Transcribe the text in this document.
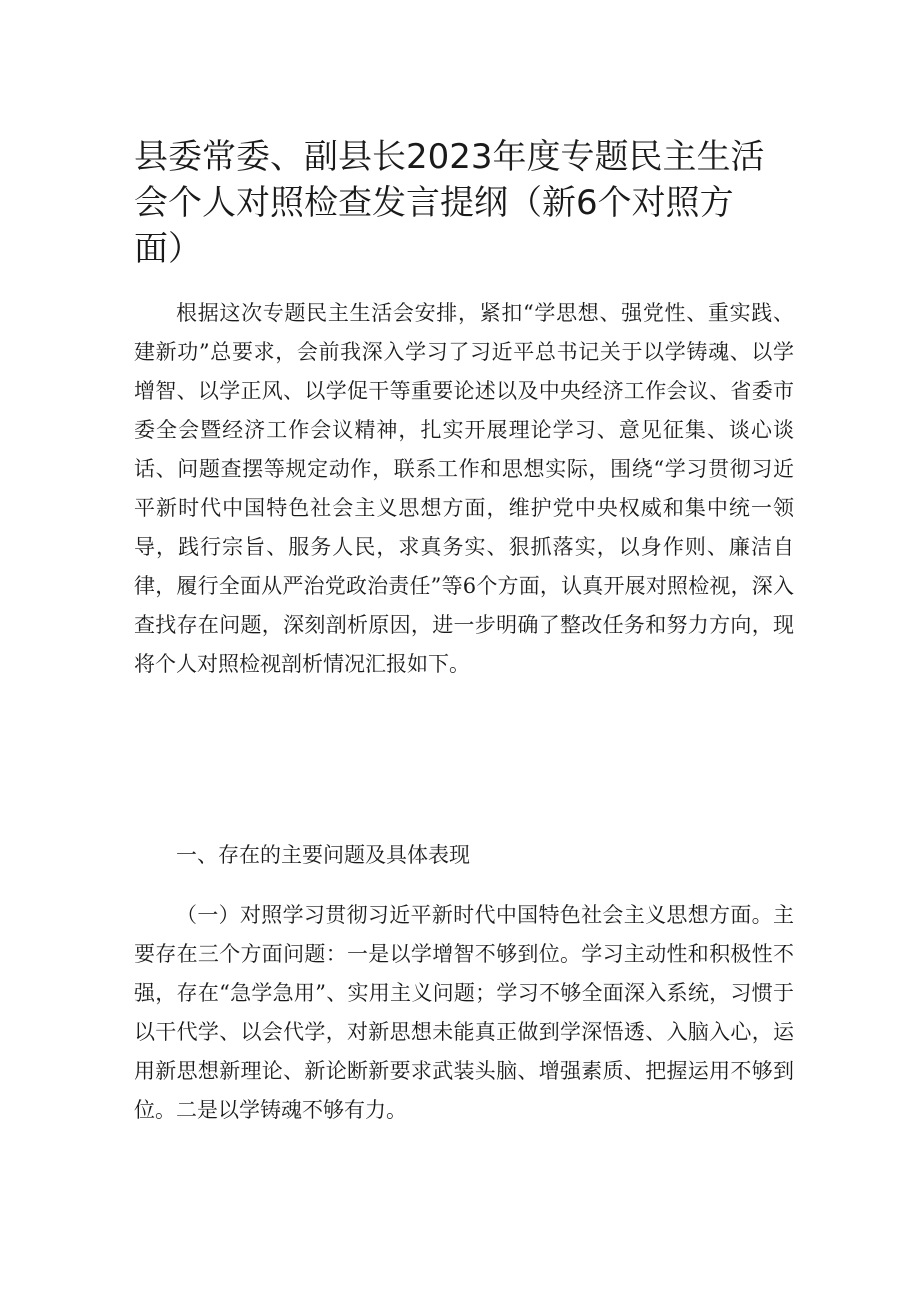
县委常委、副县长2023年度专题民主生活会个人对照检查发言提纲（新6个对照方面）

根据这次专题民主生活会安排，紧扣“学思想、强党性、重实践、建新功”总要求，会前我深入学习了习近平总书记关于以学铸魂、以学增智、以学正风、以学促干等重要论述以及中央经济工作会议、省委市委全会暨经济工作会议精神，扎实开展理论学习、意见征集、谈心谈话、问题查摆等规定动作，联系工作和思想实际，围绕“学习贯彻习近平新时代中国特色社会主义思想方面，维护党中央权威和集中统一领导，践行宗旨、服务人民，求真务实、狠抓落实，以身作则、廉洁自律，履行全面从严治党政治责任”等6个方面，认真开展对照检视，深入查找存在问题，深刻剖析原因，进一步明确了整改任务和努力方向，现将个人对照检视剖析情况汇报如下。

一、存在的主要问题及具体表现

（一）对照学习贯彻习近平新时代中国特色社会主义思想方面。主要存在三个方面问题：一是以学增智不够到位。学习主动性和积极性不强，存在“急学急用”、实用主义问题；学习不够全面深入系统，习惯于以干代学、以会代学，对新思想未能真正做到学深悟透、入脑入心，运用新思想新理论、新论断新要求武装头脑、增强素质、把握运用不够到位。二是以学铸魂不够有力。
